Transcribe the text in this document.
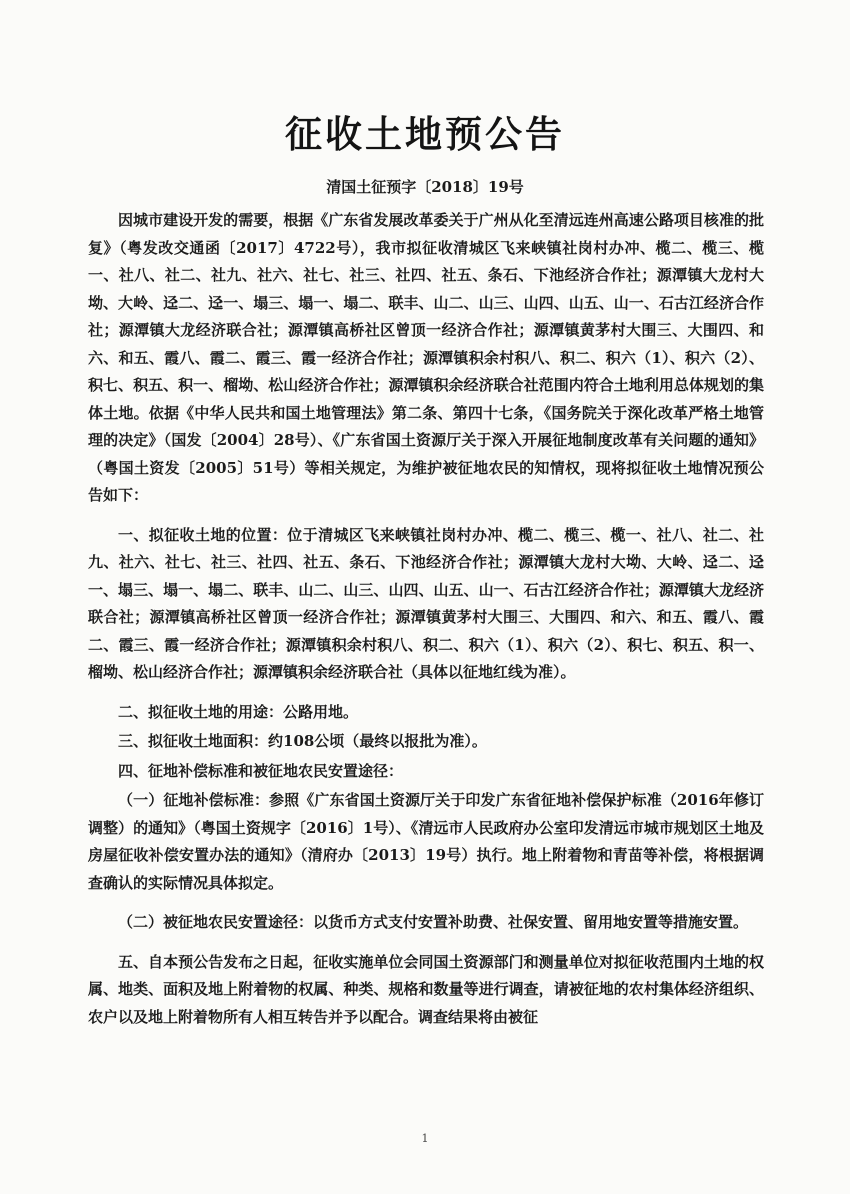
征收土地预公告
清国土征预字〔2018〕19号

因城市建设开发的需要，根据《广东省发展改革委关于广州从化至清远连州高速公路项目核准的批复》（粤发改交通函〔2017〕4722号），我市拟征收清城区飞来峡镇社岗村办冲、榄二、榄三、榄一、社八、社二、社九、社六、社七、社三、社四、社五、条石、下池经济合作社；源潭镇大龙村大坳、大岭、迳二、迳一、塌三、塌一、塌二、联丰、山二、山三、山四、山五、山一、石古江经济合作社；源潭镇大龙经济联合社；源潭镇高桥社区曾顶一经济合作社；源潭镇黄茅村大围三、大围四、和六、和五、霞八、霞二、霞三、霞一经济合作社；源潭镇积余村积八、积二、积六（1）、积六（2）、积七、积五、积一、榴坳、松山经济合作社；源潭镇积余经济联合社范围内符合土地利用总体规划的集体土地。依据《中华人民共和国土地管理法》第二条、第四十七条，《国务院关于深化改革严格土地管理的决定》（国发〔2004〕28号）、《广东省国土资源厅关于深入开展征地制度改革有关问题的通知》（粤国土资发〔2005〕51号）等相关规定，为维护被征地农民的知情权，现将拟征收土地情况预公告如下：

一、拟征收土地的位置：位于清城区飞来峡镇社岗村办冲、榄二、榄三、榄一、社八、社二、社九、社六、社七、社三、社四、社五、条石、下池经济合作社；源潭镇大龙村大坳、大岭、迳二、迳一、塌三、塌一、塌二、联丰、山二、山三、山四、山五、山一、石古江经济合作社；源潭镇大龙经济联合社；源潭镇高桥社区曾顶一经济合作社；源潭镇黄茅村大围三、大围四、和六、和五、霞八、霞二、霞三、霞一经济合作社；源潭镇积余村积八、积二、积六（1）、积六（2）、积七、积五、积一、榴坳、松山经济合作社；源潭镇积余经济联合社（具体以征地红线为准）。

二、拟征收土地的用途：公路用地。

三、拟征收土地面积：约108公顷（最终以报批为准）。

四、征地补偿标准和被征地农民安置途径：

（一）征地补偿标准：参照《广东省国土资源厅关于印发广东省征地补偿保护标准（2016年修订调整）的通知》（粤国土资规字〔2016〕1号）、《清远市人民政府办公室印发清远市城市规划区土地及房屋征收补偿安置办法的通知》（清府办〔2013〕19号）执行。地上附着物和青苗等补偿，将根据调查确认的实际情况具体拟定。

（二）被征地农民安置途径：以货币方式支付安置补助费、社保安置、留用地安置等措施安置。

五、自本预公告发布之日起，征收实施单位会同国土资源部门和测量单位对拟征收范围内土地的权属、地类、面积及地上附着物的权属、种类、规格和数量等进行调查，请被征地的农村集体经济组织、农户以及地上附着物所有人相互转告并予以配合。调查结果将由被征

1
